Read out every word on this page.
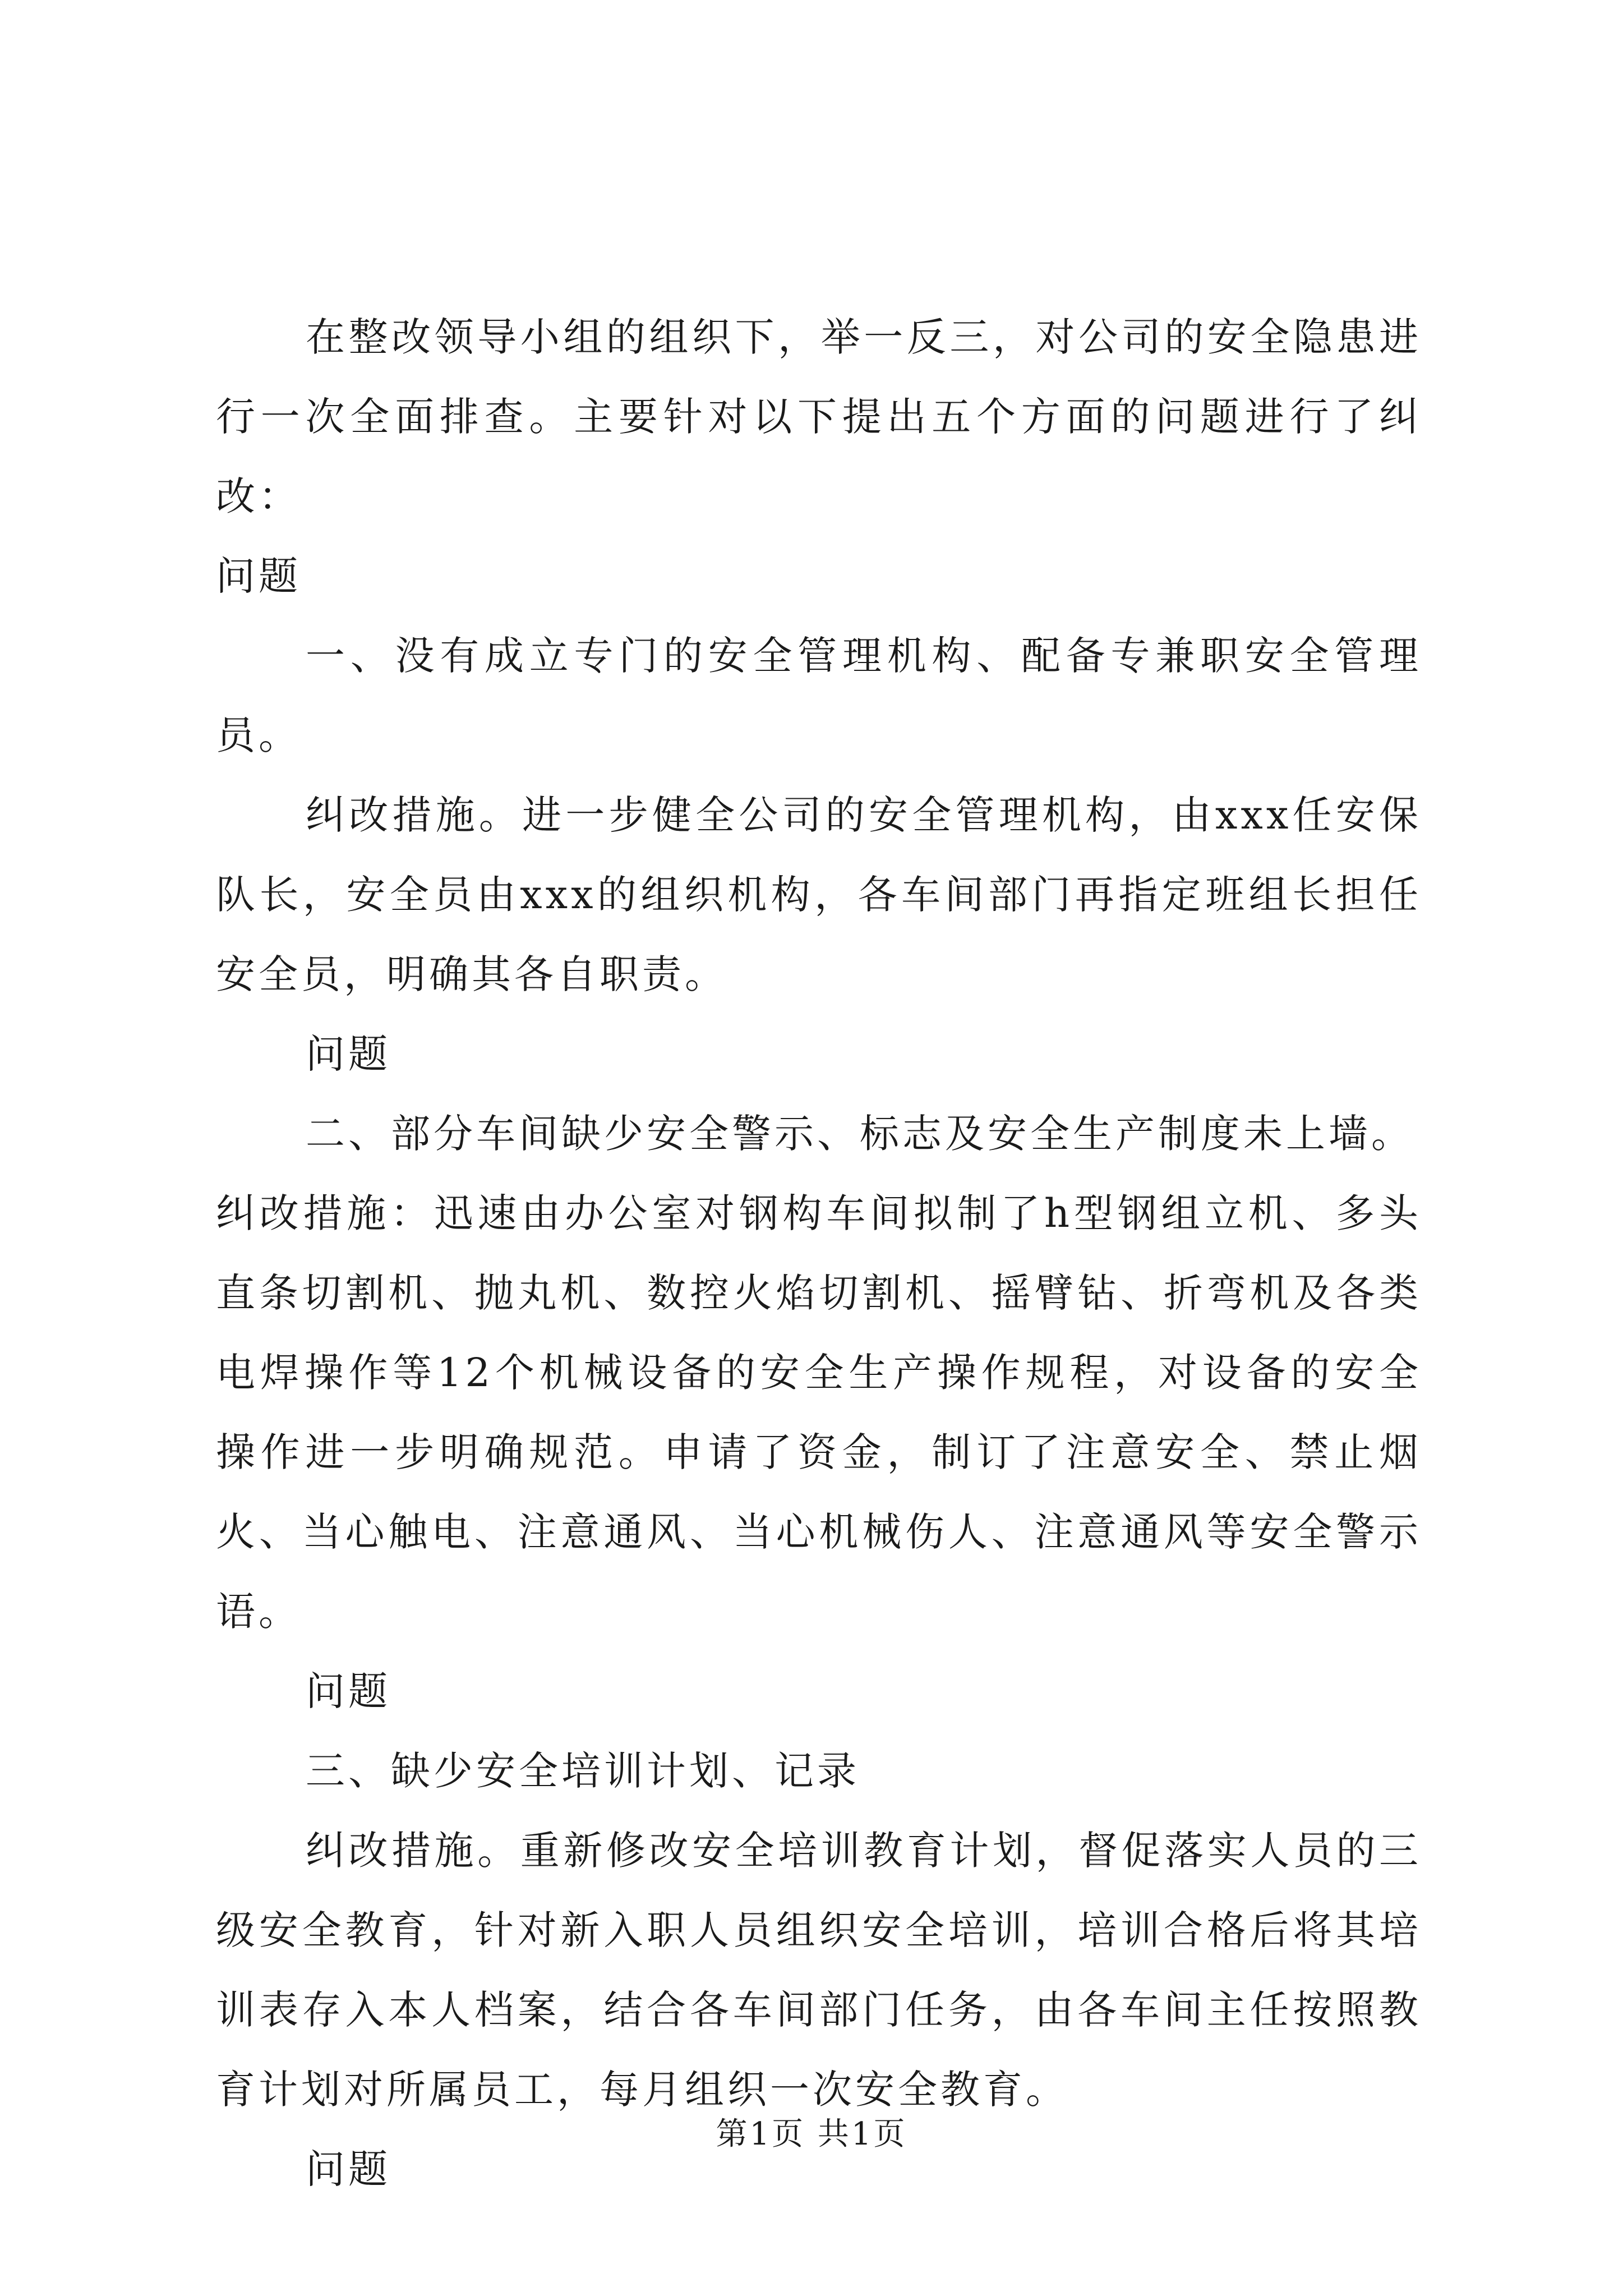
在整改领导小组的组织下，举一反三，对公司的安全隐患进行一次全面排查。主要针对以下提出五个方面的问题进行了纠改：

问题

一、没有成立专门的安全管理机构、配备专兼职安全管理员。

纠改措施。进一步健全公司的安全管理机构，由xxx任安保队长，安全员由xxx的组织机构，各车间部门再指定班组长担任安全员，明确其各自职责。

问题

二、部分车间缺少安全警示、标志及安全生产制度未上墙。

纠改措施：迅速由办公室对钢构车间拟制了h型钢组立机、多头直条切割机、抛丸机、数控火焰切割机、摇臂钻、折弯机及各类电焊操作等12个机械设备的安全生产操作规程，对设备的安全操作进一步明确规范。申请了资金，制订了注意安全、禁止烟火、当心触电、注意通风、当心机械伤人、注意通风等安全警示语。

问题

三、缺少安全培训计划、记录

纠改措施。重新修改安全培训教育计划，督促落实人员的三级安全教育，针对新入职人员组织安全培训，培训合格后将其培训表存入本人档案，结合各车间部门任务，由各车间主任按照教育计划对所属员工，每月组织一次安全教育。

问题

第1页 共1页
